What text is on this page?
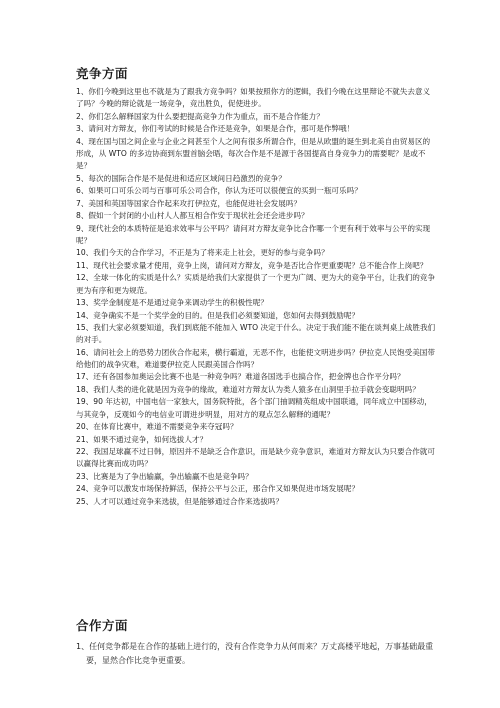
竞争方面

1、你们今晚到这里也不就是为了跟我方竞争吗？如果按照你方的逻辑，我们今晚在这里辩论不就失去意义了吗？今晚的辩论就是一场竞争，竞出胜负，促使进步。

2、你们怎么解释国家为什么要把提高竞争力作为重点，而不是合作能力？

3、请问对方辩友，你们考试的时候是合作还是竞争，如果是合作，那可是作弊哦！

4、现在国与国之间企业与企业之间甚至个人之间有很多所谓合作，但是从欧盟的诞生到北美自由贸易区的形成，从 WTO 的多边协商到东盟首脑会晤，每次合作是不是源于各国提高自身竞争力的需要呢？是或不是？

5、每次的国际合作是不是促进和适应区域间日趋激烈的竞争？

6、如果可口可乐公司与百事可乐公司合作，你认为还可以很便宜的买到一瓶可乐吗？

7、美国和英国等国家合作起来攻打伊拉克，也能促进社会发展吗？

8、假如一个封闭的小山村人人都互相合作安于现状社会还会进步吗？

9、现代社会的本质特征是追求效率与公平吗？请问对方辩友竞争比合作哪一个更有利于效率与公平的实现呢？

10、我们今天的合作学习，不正是为了将来走上社会，更好的参与竞争吗？

11、现代社会要求量才使用，竞争上岗，请问对方辩友，竞争是否比合作更重要呢？总不能合作上岗吧？

12、全球一体化的实质是什么？实质是给我们大家提供了一个更为广阔、更为大的竞争平台，让我们的竞争更为有序和更为规范。

13、奖学金制度是不是通过竞争来调动学生的积极性呢？

14、竞争确实不是一个奖学金的目的。但是我们必须要知道，您如何去得到鼓励呢？

15、我们大家必须要知道，我们到底能不能加入 WTO 决定于什么。决定于我们能不能在谈判桌上战胜我们的对手。

16、请问社会上的恐势力团伙合作起来，横行霸道，无恶不作，也能使文明进步吗？伊拉克人民饱受美国带给他们的战争灾难，难道要伊拉克人民跟美国合作吗？

17、还有各国参加奥运会比赛不也是一种竞争吗？难道各国选手也搞合作，把金牌也合作平分吗？

18、我们人类的进化就是因为竞争的缘故，难道对方辩友认为类人猿多在山洞里手拉手就会变聪明吗？

19、90 年达初，中国电信一家独大，国务院特批，各个部门抽调精英组成中国联通，同年成立中国移动，与其竞争，反观如今的电信业可谓进步明显，用对方的观点怎么解释的通呢？

20、在体育比赛中，难道不需要竞争来夺冠吗？

21、如果不通过竞争，如何选拔人才？

22、我国足球赢不过日韩，原因并不是缺乏合作意识，而是缺少竞争意识，难道对方辩友认为只要合作就可以赢得比赛而成功吗？

23、比赛是为了争出输赢，争出输赢不也是竞争吗？

24、竞争可以激发市场保持鲜活，保持公平与公正，那合作又如果促进市场发展呢？

25、人才可以通过竞争来选拔，但是能够通过合作来选拔吗？

合作方面

1、任何竞争都是在合作的基础上进行的，没有合作竞争力从何而来？万丈高楼平地起，万事基础最重要，显然合作比竞争更重要。
